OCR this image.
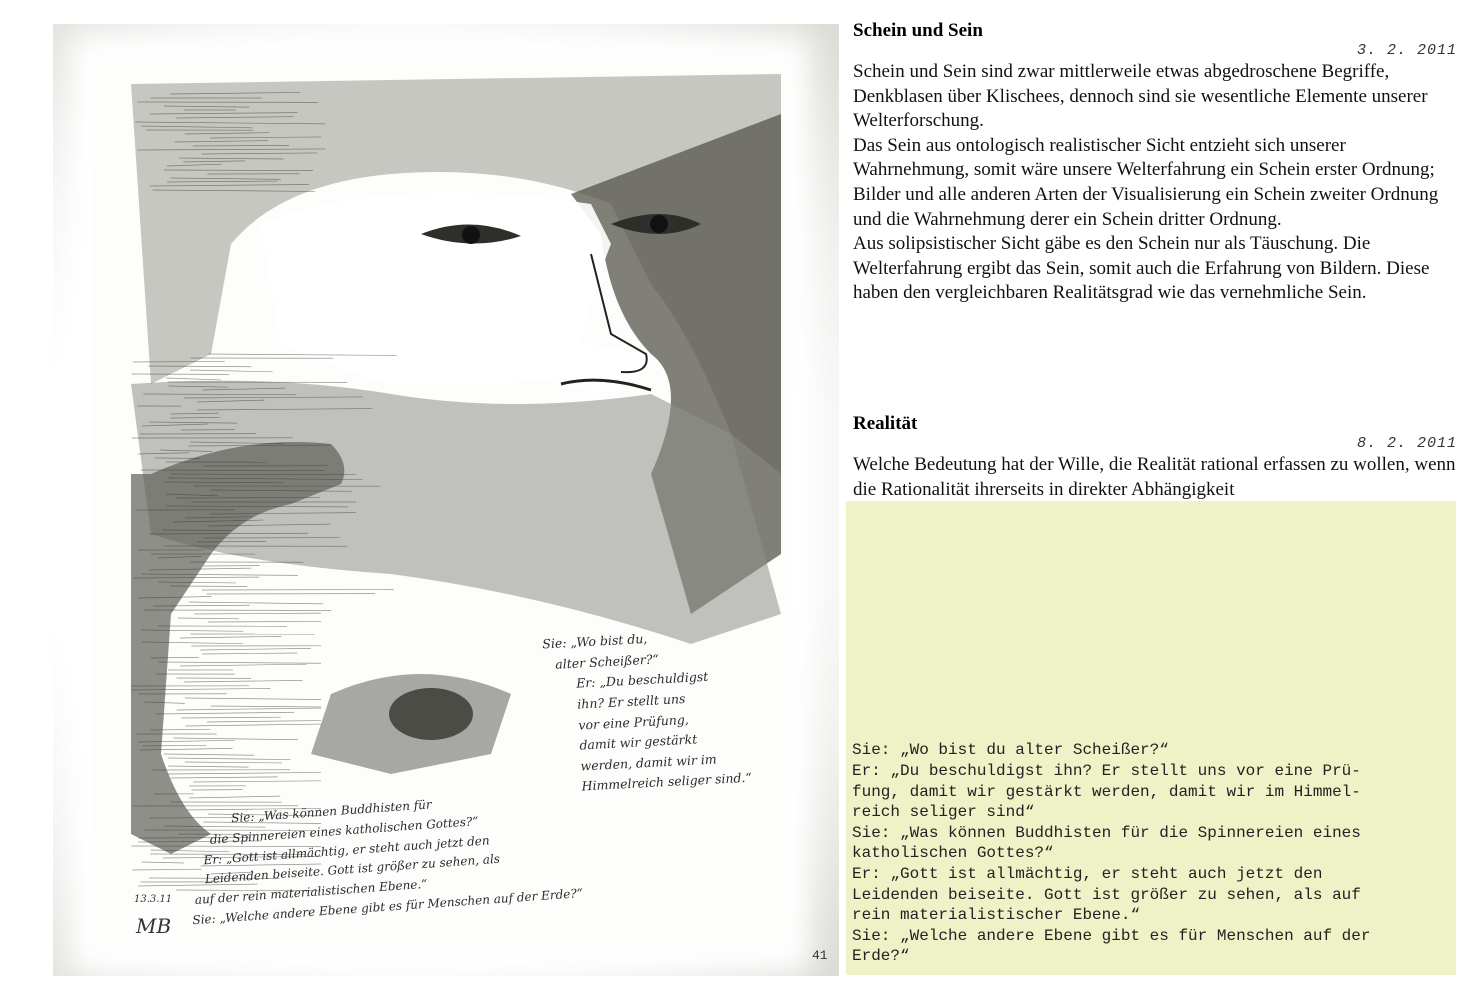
Sie: „Wo bist du,
alter Scheißer?“
Er: „Du beschuldigst
ihn? Er stellt uns
vor eine Prüfung,
damit wir gestärkt
werden, damit wir im
Himmelreich seliger sind.“
Sie: „Was können Buddhisten für
die Spinnereien eines katholischen Gottes?“
Er: „Gott ist allmächtig, er steht auch jetzt den
Leidenden beiseite. Gott ist größer zu sehen, als
auf der rein materialistischen Ebene.“
Sie: „Welche andere Ebene gibt es für Menschen auf der Erde?“
13.3.11
MB
41
Schein und Sein
3. 2. 2011

Schein und Sein sind zwar mittlerweile etwas abgedroschene Begriffe, Denkblasen über Klischees, dennoch sind sie wesentliche Elemente unserer Welterforschung.

Das Sein aus ontologisch realistischer Sicht entzieht sich unserer Wahrnehmung, somit wäre unsere Welterfahrung ein Schein erster Ordnung; Bilder und alle anderen Arten der Visualisierung ein Schein zweiter Ordnung und die Wahrnehmung derer ein Schein dritter Ordnung.

Aus solipsistischer Sicht gäbe es den Schein nur als Täuschung. Die Welterfahrung ergibt das Sein, somit auch die Erfahrung von Bildern. Diese haben den vergleichbaren Realitätsgrad wie das vernehmliche Sein.

Realität
8. 2. 2011

Welche Bedeutung hat der Wille, die Realität rational erfassen zu wollen, wenn die Rationalität ihrerseits in direkter Abhängigkeit

Sie: „Wo bist du alter Scheißer?“
Er: „Du beschuldigst ihn? Er stellt uns vor eine Prü-
fung, damit wir gestärkt werden, damit wir im Himmel-
reich seliger sind“
Sie: „Was können Buddhisten für die Spinnereien eines
katholischen Gottes?“
Er: „Gott ist allmächtig, er steht auch jetzt den
Leidenden beiseite. Gott ist größer zu sehen, als auf
rein materialistischer Ebene.“
Sie: „Welche andere Ebene gibt es für Menschen auf der
Erde?“
